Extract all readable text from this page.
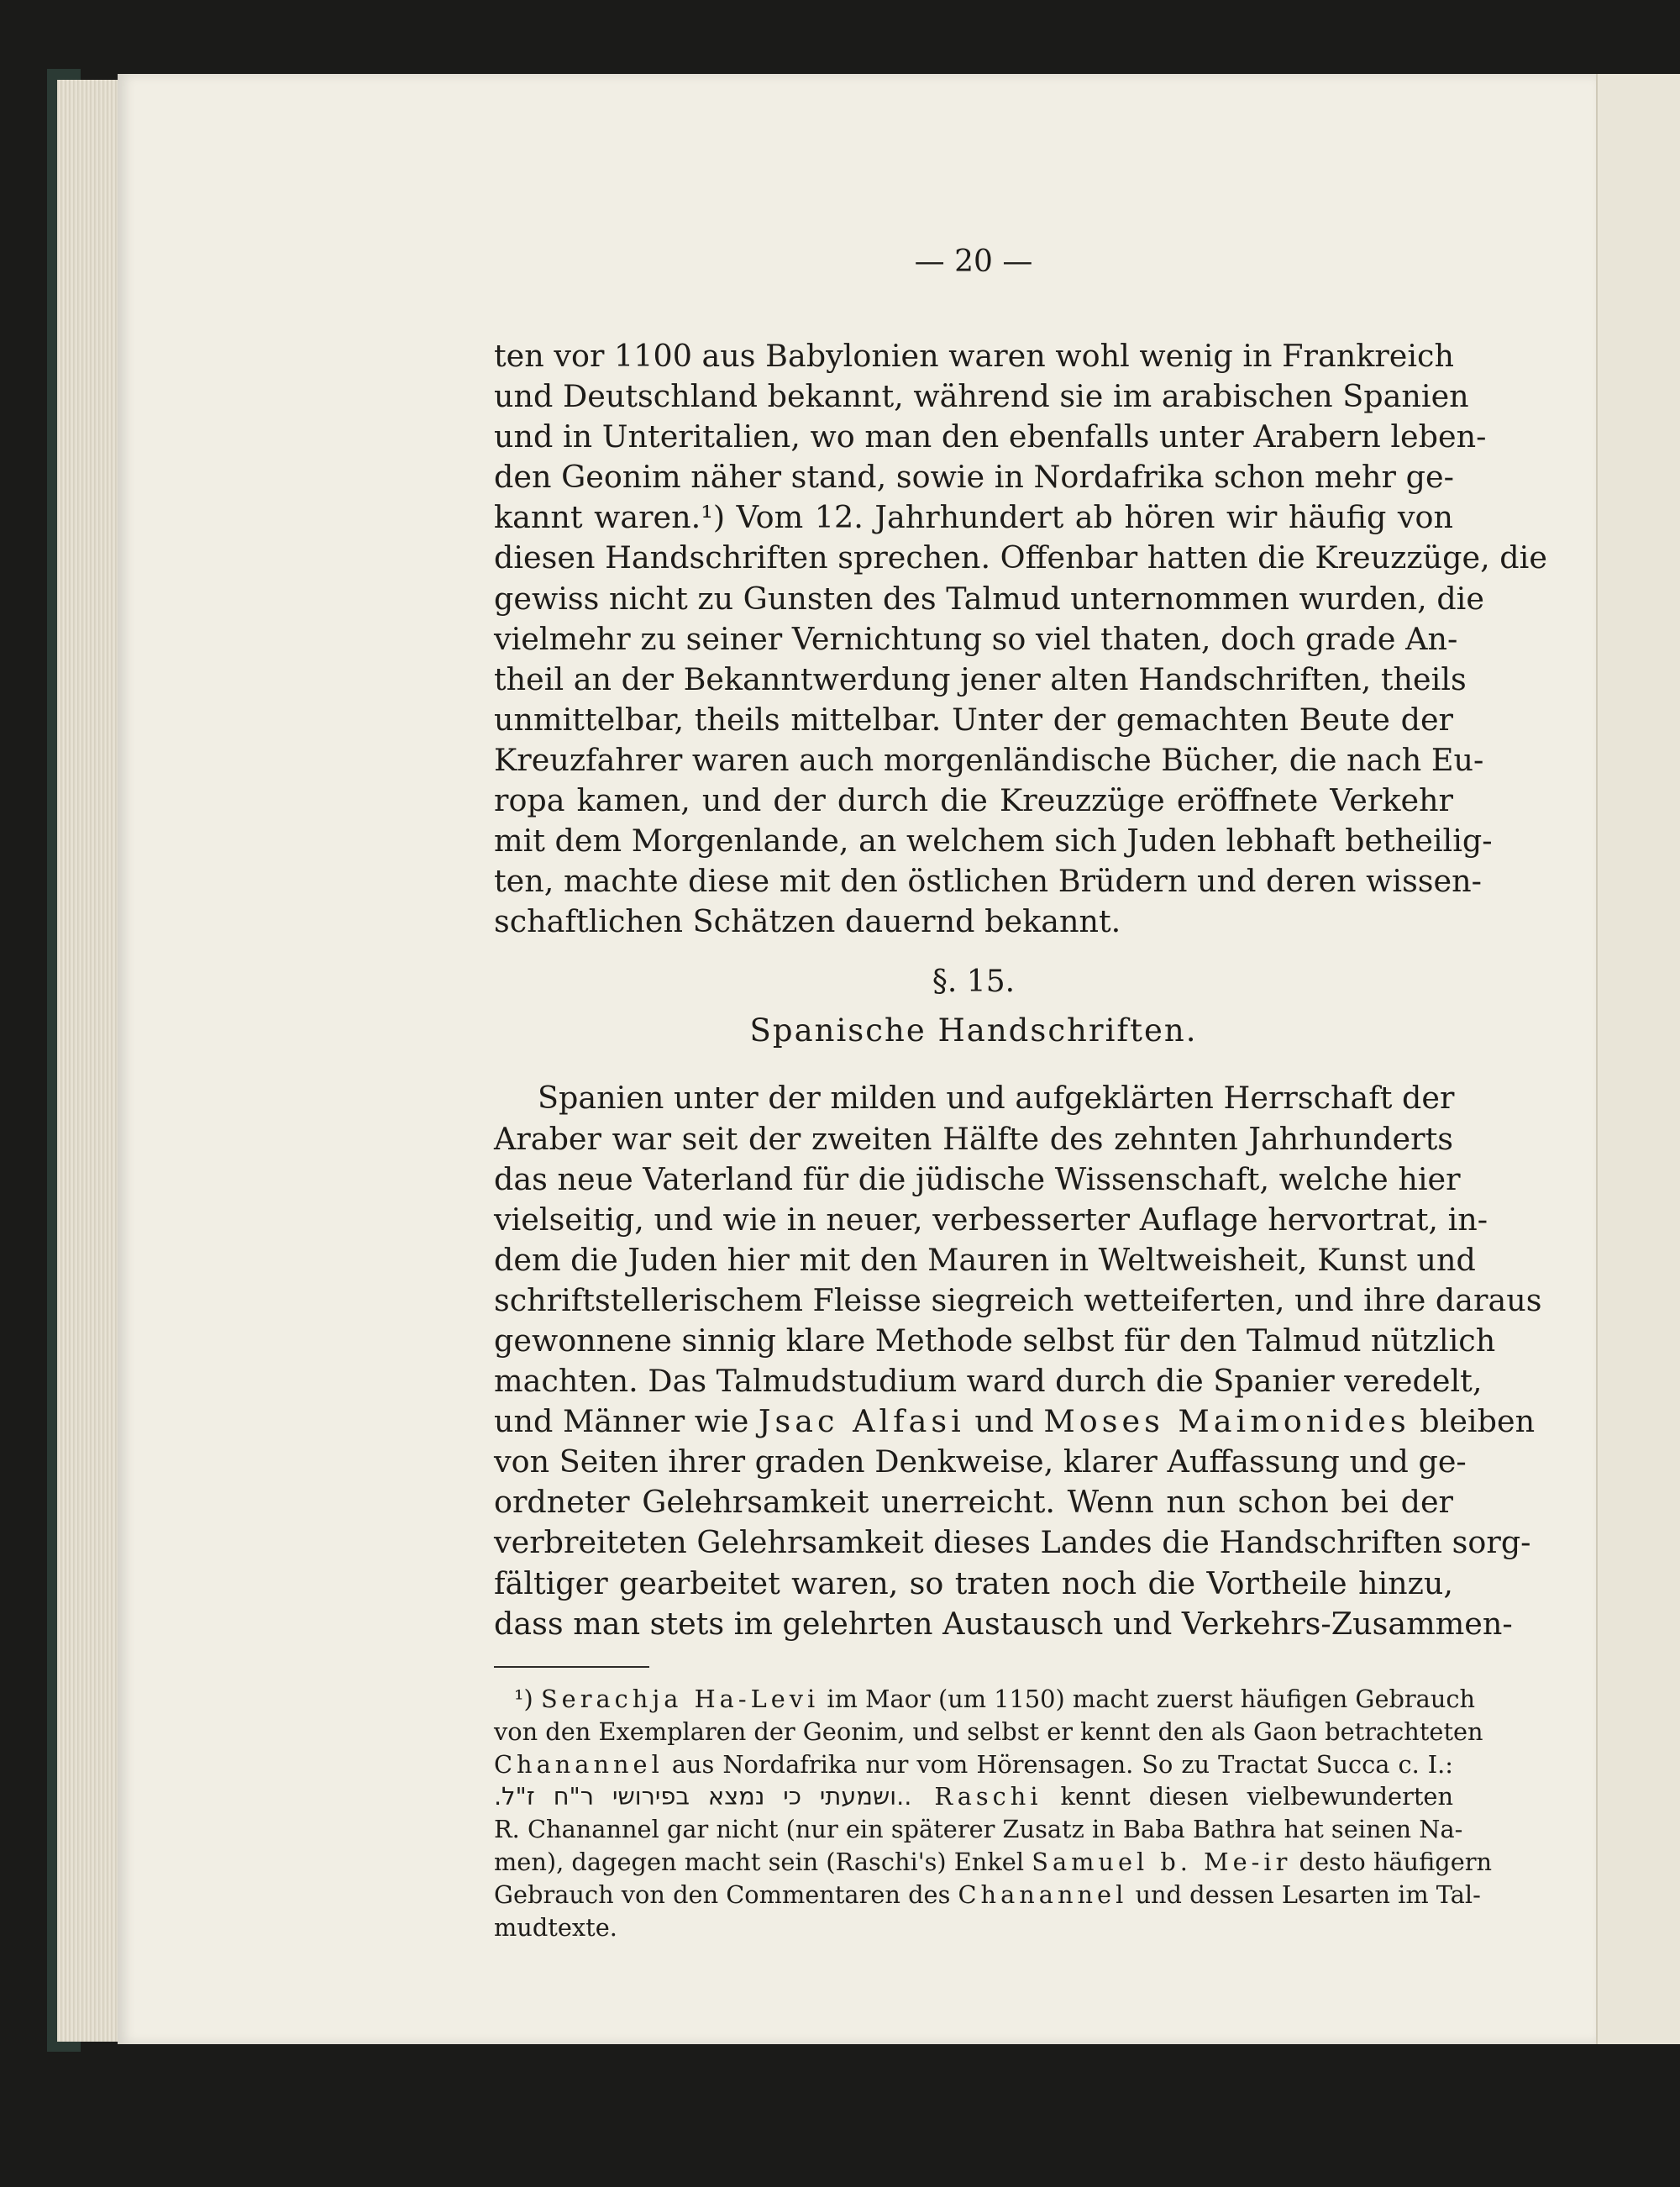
— 20 —
ten vor 1100 aus Babylonien waren wohl wenig in Frankreich
und Deutschland bekannt, während sie im arabischen Spanien
und in Unteritalien, wo man den ebenfalls unter Arabern leben-
den Geonim näher stand, sowie in Nordafrika schon mehr ge-
kannt waren.¹) Vom 12. Jahrhundert ab hören wir häufig von
diesen Handschriften sprechen. Offenbar hatten die Kreuzzüge, die
gewiss nicht zu Gunsten des Talmud unternommen wurden, die
vielmehr zu seiner Vernichtung so viel thaten, doch grade An-
theil an der Bekanntwerdung jener alten Handschriften, theils
unmittelbar, theils mittelbar. Unter der gemachten Beute der
Kreuzfahrer waren auch morgenländische Bücher, die nach Eu-
ropa kamen, und der durch die Kreuzzüge eröffnete Verkehr
mit dem Morgenlande, an welchem sich Juden lebhaft betheilig-
ten, machte diese mit den östlichen Brüdern und deren wissen-
schaftlichen Schätzen dauernd bekannt.
§. 15.
Spanische Handschriften.
Spanien unter der milden und aufgeklärten Herrschaft der
Araber war seit der zweiten Hälfte des zehnten Jahrhunderts
das neue Vaterland für die jüdische Wissenschaft, welche hier
vielseitig, und wie in neuer, verbesserter Auflage hervortrat, in-
dem die Juden hier mit den Mauren in Weltweisheit, Kunst und
schriftstellerischem Fleisse siegreich wetteiferten, und ihre daraus
gewonnene sinnig klare Methode selbst für den Talmud nützlich
machten. Das Talmudstudium ward durch die Spanier veredelt,
und Männer wie Jsac Alfasi und Moses Maimonides bleiben
von Seiten ihrer graden Denkweise, klarer Auffassung und ge-
ordneter Gelehrsamkeit unerreicht. Wenn nun schon bei der
verbreiteten Gelehrsamkeit dieses Landes die Handschriften sorg-
fältiger gearbeitet waren, so traten noch die Vortheile hinzu,
dass man stets im gelehrten Austausch und Verkehrs-Zusammen-
¹) Serachja Ha-Levi im Maor (um 1150) macht zuerst häufigen Gebrauch
von den Exemplaren der Geonim, und selbst er kennt den als Gaon betrachteten
Chanannel aus Nordafrika nur vom Hörensagen. So zu Tractat Succa c. I.:
..ושמעתי כי נמצא בפירושי ר"ח ז"ל. Raschi kennt diesen vielbewunderten
R. Chanannel gar nicht (nur ein späterer Zusatz in Baba Bathra hat seinen Na-
men), dagegen macht sein (Raschi's) Enkel Samuel b. Me-ir desto häufigern
Gebrauch von den Commentaren des Chanannel und dessen Lesarten im Tal-
mudtexte.
